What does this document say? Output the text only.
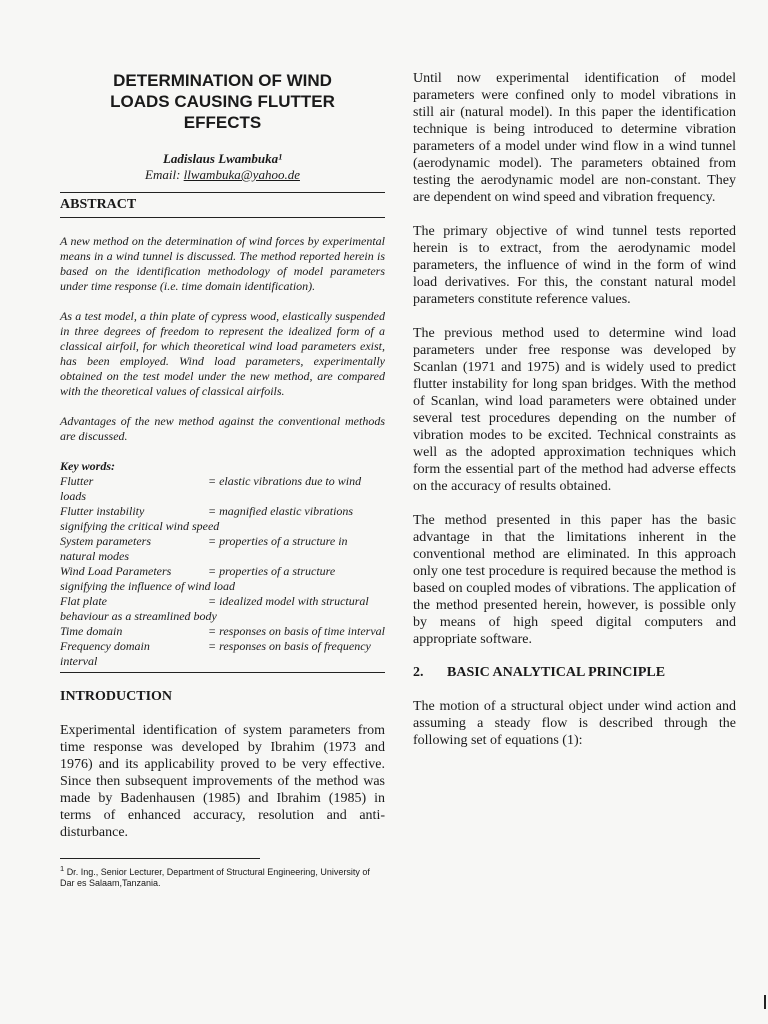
DETERMINATION OF WIND
LOADS CAUSING FLUTTER
EFFECTS
Ladislaus Lwambuka¹
Email: llwambuka@yahoo.de
ABSTRACT

A new method on the determination of wind forces by experimental means in a wind tunnel is discussed. The method reported herein is based on the identification methodology of model parameters under time response (i.e. time domain identification).

As a test model, a thin plate of cypress wood, elastically suspended in three degrees of freedom to represent the idealized form of a classical airfoil, for which theoretical wind load parameters exist, has been employed. Wind load parameters, experimentally obtained on the test model under the new method, are compared with the theoretical values of classical airfoils.

Advantages of the new method against the conventional methods are discussed.

Key words:

Flutter	= elastic vibrations due to wind loads

Flutter instability	= magnified elastic vibrations signifying the critical wind speed

System parameters	= properties of a structure in natural modes

Wind Load Parameters	= properties of a structure signifying the influence of wind load

Flat plate	= idealized model with structural behaviour as a streamlined body

Time domain	= responses on basis of time interval

Frequency domain	= responses on basis of frequency interval

INTRODUCTION

Experimental identification of system parameters from time response was developed by Ibrahim (1973 and 1976) and its applicability proved to be very effective. Since then subsequent improvements of the method was made by Badenhausen (1985) and Ibrahim (1985) in terms of enhanced accuracy, resolution and anti-disturbance.

$^1$ Dr. Ing., Senior Lecturer, Department of Structural Engineering, University of Dar es Salaam,Tanzania.

Until now experimental identification of model parameters were confined only to model vibrations in still air (natural model). In this paper the identification technique is being introduced to determine vibration parameters of a model under wind flow in a wind tunnel (aerodynamic model). The parameters obtained from testing the aerodynamic model are non-constant. They are dependent on wind speed and vibration frequency.

The primary objective of wind tunnel tests reported herein is to extract, from the aerodynamic model parameters, the influence of wind in the form of wind load derivatives. For this, the constant natural model parameters constitute reference values.

The previous method used to determine wind load parameters under free response was developed by Scanlan (1971 and 1975) and is widely used to predict flutter instability for long span bridges. With the method of Scanlan, wind load parameters were obtained under several test procedures depending on the number of vibration modes to be excited. Technical constraints as well as the adopted approximation techniques which form the essential part of the method had adverse effects on the accuracy of results obtained.

The method presented in this paper has the basic advantage in that the limitations inherent in the conventional method are eliminated. In this approach only one test procedure is required because the method is based on coupled modes of vibrations. The application of the method presented herein, however, is possible only by means of high speed digital computers and appropriate software.

2. BASIC ANALYTICAL PRINCIPLE

The motion of a structural object under wind action and assuming a steady flow is described through the following set of equations (1):
